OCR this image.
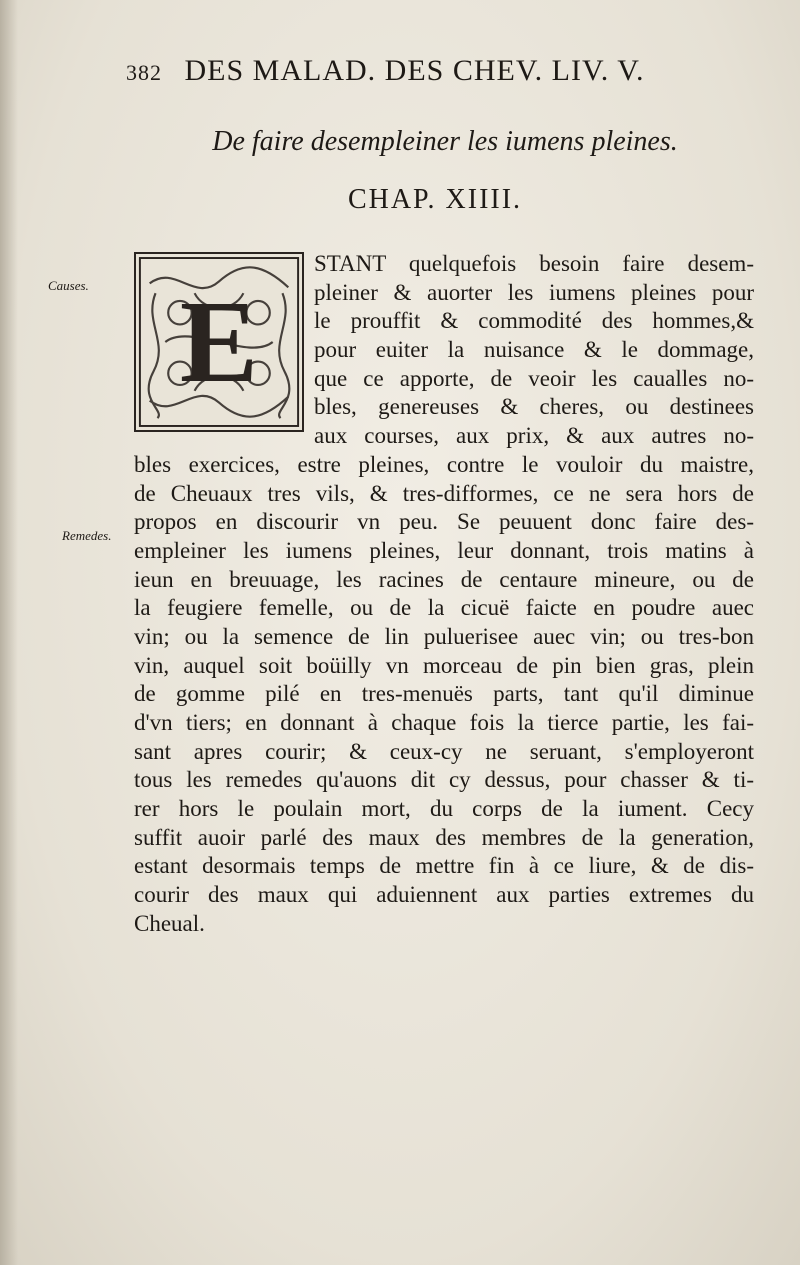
382 DES MALAD. DES CHEV. LIV. V.
De faire desempleiner les iumens pleines.
CHAP. XIIII.
Causes.
Remedes.
E
STANT quelquefois besoin faire desem-
pleiner & auorter les iumens pleines pour
le prouffit & commodité des hommes,&
pour euiter la nuisance & le dommage,
que ce apporte, de veoir les caualles no-
bles, genereuses & cheres, ou destinees
aux courses, aux prix, & aux autres no-
bles exercices, estre pleines, contre le vouloir du maistre,
de Cheuaux tres vils, & tres-difformes, ce ne sera hors de
propos en discourir vn peu. Se peuuent donc faire des-
empleiner les iumens pleines, leur donnant, trois matins à
ieun en breuuage, les racines de centaure mineure, ou de
la feugiere femelle, ou de la cicuë faicte en poudre auec
vin; ou la semence de lin puluerisee auec vin; ou tres-bon
vin, auquel soit boüilly vn morceau de pin bien gras, plein
de gomme pilé en tres-menuës parts, tant qu'il diminue
d'vn tiers; en donnant à chaque fois la tierce partie, les fai-
sant apres courir; & ceux-cy ne seruant, s'employeront
tous les remedes qu'auons dit cy dessus, pour chasser & ti-
rer hors le poulain mort, du corps de la iument. Cecy
suffit auoir parlé des maux des membres de la generation,
estant desormais temps de mettre fin à ce liure, & de dis-
courir des maux qui aduiennent aux parties extremes du
Cheual.
